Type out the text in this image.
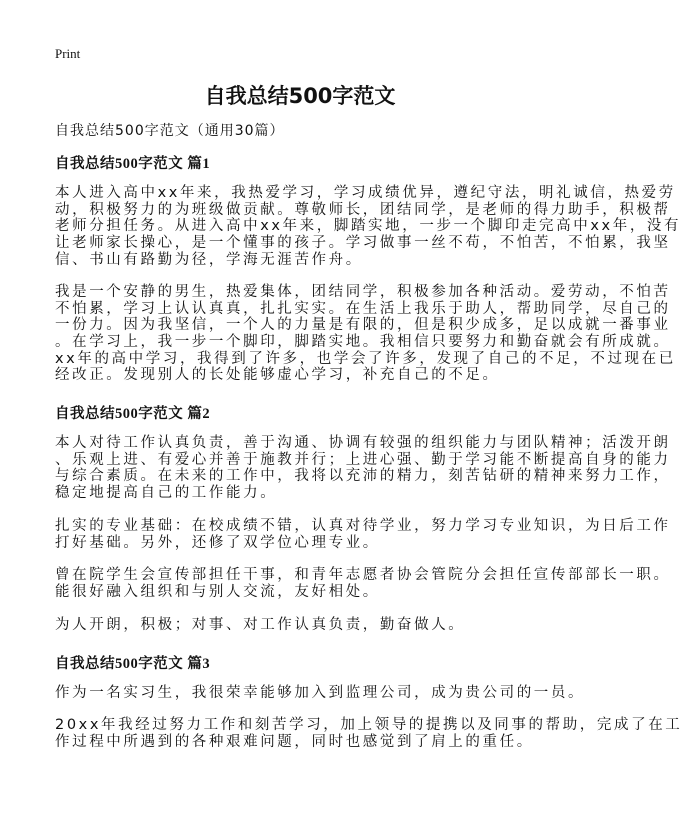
Print
自我总结500字范文
自我总结500字范文（通用30篇）
自我总结500字范文 篇1
本人进入高中xx年来，我热爱学习，学习成绩优异，遵纪守法，明礼诚信，热爱劳
动，积极努力的为班级做贡献。尊敬师长，团结同学，是老师的得力助手，积极帮
老师分担任务。从进入高中xx年来，脚踏实地，一步一个脚印走完高中xx年，没有
让老师家长操心，是一个懂事的孩子。学习做事一丝不苟，不怕苦，不怕累，我坚
信、书山有路勤为径，学海无涯苦作舟。
我是一个安静的男生，热爱集体，团结同学，积极参加各种活动。爱劳动，不怕苦
不怕累，学习上认认真真，扎扎实实。在生活上我乐于助人，帮助同学，尽自己的
一份力。因为我坚信，一个人的力量是有限的，但是积少成多，足以成就一番事业
。在学习上，我一步一个脚印，脚踏实地。我相信只要努力和勤奋就会有所成就。
xx年的高中学习，我得到了许多，也学会了许多，发现了自己的不足，不过现在已
经改正。发现别人的长处能够虚心学习，补充自己的不足。
自我总结500字范文 篇2
本人对待工作认真负责，善于沟通、协调有较强的组织能力与团队精神；活泼开朗
、乐观上进、有爱心并善于施教并行；上进心强、勤于学习能不断提高自身的能力
与综合素质。在未来的工作中，我将以充沛的精力，刻苦钻研的精神来努力工作，
稳定地提高自己的工作能力。
扎实的专业基础：在校成绩不错，认真对待学业，努力学习专业知识，为日后工作
打好基础。另外，还修了双学位心理专业。
曾在院学生会宣传部担任干事，和青年志愿者协会管院分会担任宣传部部长一职。
能很好融入组织和与别人交流，友好相处。
为人开朗，积极；对事、对工作认真负责，勤奋做人。
自我总结500字范文 篇3
作为一名实习生，我很荣幸能够加入到监理公司，成为贵公司的一员。
20xx年我经过努力工作和刻苦学习，加上领导的提携以及同事的帮助，完成了在工
作过程中所遇到的各种艰难问题，同时也感觉到了肩上的重任。
